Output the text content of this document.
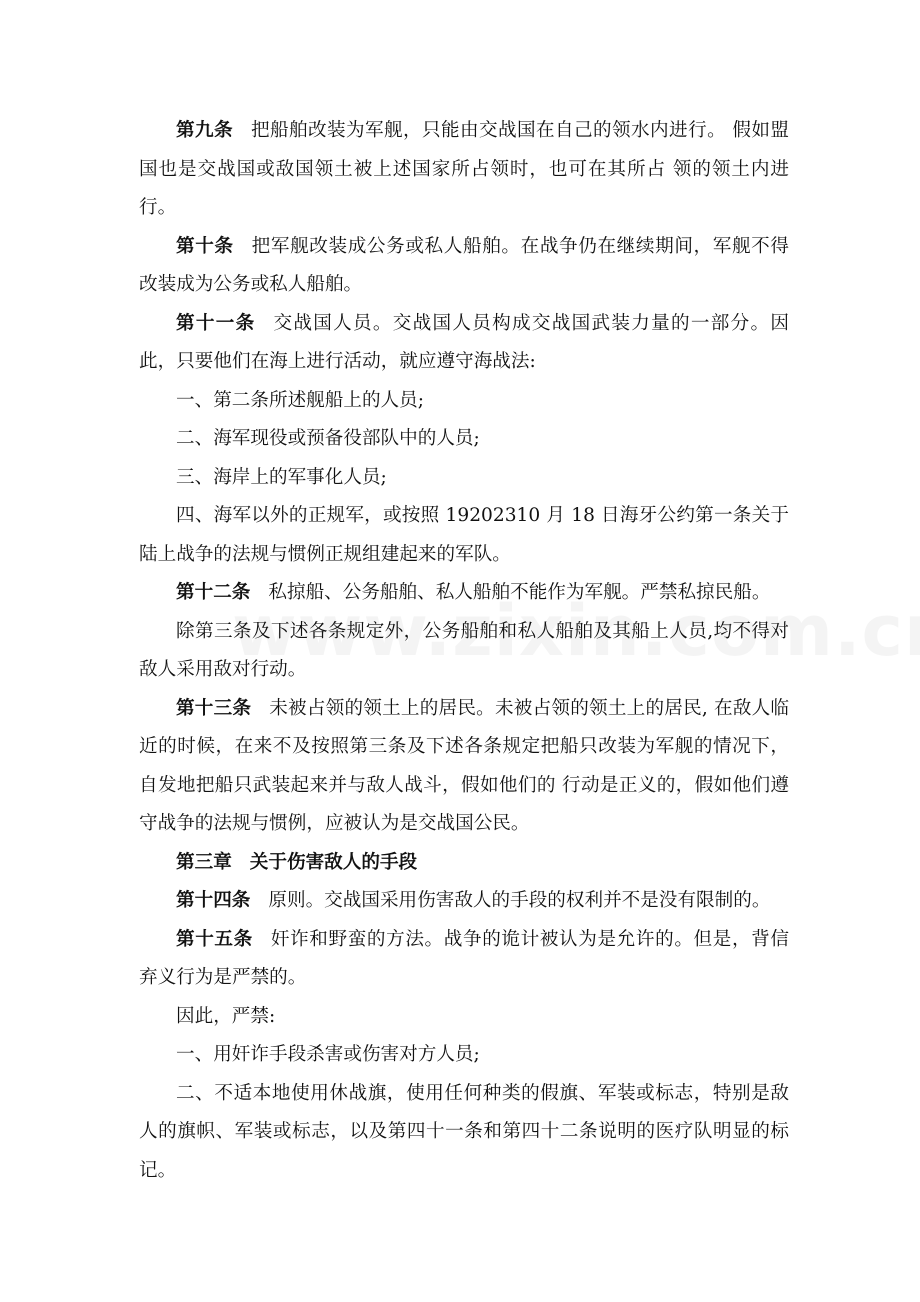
第九条 把船舶改装为军舰，只能由交战国在自己的领水内进行。 假如盟国也是交战国或敌国领土被上述国家所占领时，也可在其所占 领的领土内进行。

第十条 把军舰改装成公务或私人船舶。在战争仍在继续期间，军舰不得改装成为公务或私人船舶。

第十一条 交战国人员。交战国人员构成交战国武装力量的一部分。因此，只要他们在海上进行活动，就应遵守海战法:

一、第二条所述舰船上的人员;

二、海军现役或预备役部队中的人员;

三、海岸上的军事化人员;

四、海军以外的正规军，或按照 19202310 月 18 日海牙公约第一条关于陆上战争的法规与惯例正规组建起来的军队。

第十二条 私掠船、公务船舶、私人船舶不能作为军舰。严禁私掠民船。

除第三条及下述各条规定外，公务船舶和私人船舶及其船上人员,均不得对敌人采用敌对行动。

第十三条 未被占领的领土上的居民。未被占领的领土上的居民, 在敌人临近的时候，在来不及按照第三条及下述各条规定把船只改装为军舰的情况下，自发地把船只武装起来并与敌人战斗，假如他们的 行动是正义的，假如他们遵守战争的法规与惯例，应被认为是交战国公民。

第三章 关于伤害敌人的手段

第十四条 原则。交战国采用伤害敌人的手段的权利并不是没有限制的。

第十五条 奸诈和野蛮的方法。战争的诡计被认为是允许的。但是，背信弃义行为是严禁的。

因此，严禁:

一、用奸诈手段杀害或伤害对方人员;

二、不适本地使用休战旗，使用任何种类的假旗、军装或标志，特别是敌人的旗帜、军装或标志，以及第四十一条和第四十二条说明的医疗队明显的标记。
